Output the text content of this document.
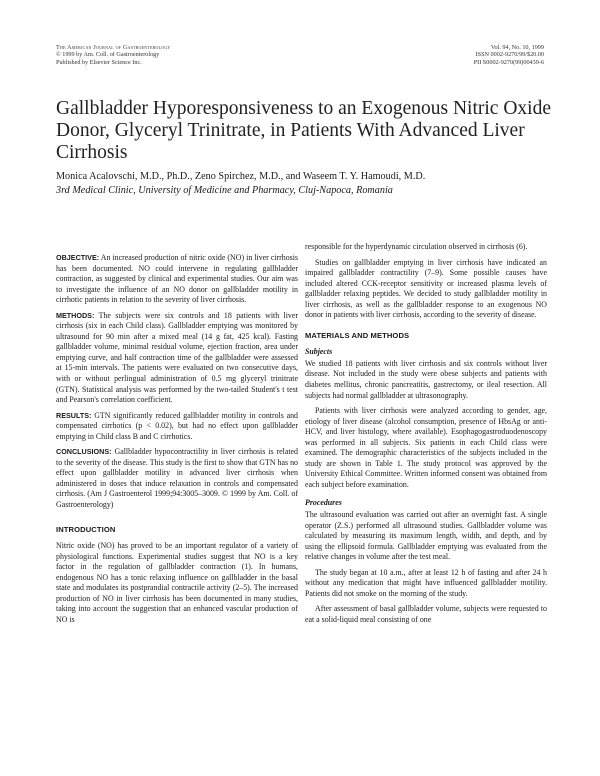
The American Journal of Gastroenterology
© 1999 by Am. Coll. of Gastroenterology
Published by Elsevier Science Inc.
Vol. 94, No. 10, 1999
ISSN 0002-9270/99/$20.00
PII S0002-9270(99)00439-6
Gallbladder Hyporesponsiveness to an Exogenous Nitric Oxide Donor, Glyceryl Trinitrate, in Patients With Advanced Liver Cirrhosis
Monica Acalovschi, M.D., Ph.D., Zeno Spirchez, M.D., and Waseem T. Y. Hamoudi, M.D.
3rd Medical Clinic, University of Medicine and Pharmacy, Cluj-Napoca, Romania

OBJECTIVE: An increased production of nitric oxide (NO) in liver cirrhosis has been documented. NO could intervene in regulating gallbladder contraction, as suggested by clinical and experimental studies. Our aim was to investigate the influence of an NO donor on gallbladder motility in cirrhotic patients in relation to the severity of liver cirrhosis.

METHODS: The subjects were six controls and 18 patients with liver cirrhosis (six in each Child class). Gallbladder emptying was monitored by ultrasound for 90 min after a mixed meal (14 g fat, 425 kcal). Fasting gallbladder volume, minimal residual volume, ejection fraction, area under emptying curve, and half contraction time of the gallbladder were assessed at 15-min intervals. The patients were evaluated on two consecutive days, with or without perlingual administration of 0.5 mg glyceryl trinitrate (GTN). Statistical analysis was performed by the two-tailed Student's t test and Pearson's correlation coefficient.

RESULTS: GTN significantly reduced gallbladder motility in controls and compensated cirrhotics (p < 0.02), but had no effect upon gallbladder emptying in Child class B and C cirrhotics.

CONCLUSIONS: Gallbladder hypocontractility in liver cirrhosis is related to the severity of the disease. This study is the first to show that GTN has no effect upon gallbladder motility in advanced liver cirrhosis when administered in doses that induce relaxation in controls and compensated cirrhosis. (Am J Gastroenterol 1999;94:3005–3009. © 1999 by Am. Coll. of Gastroenterology)

INTRODUCTION

Nitric oxide (NO) has proved to be an important regulator of a variety of physiological functions. Experimental studies suggest that NO is a key factor in the regulation of gallbladder contraction (1). In humans, endogenous NO has a tonic relaxing influence on gallbladder in the basal state and modulates its postprandial contractile activity (2–5). The increased production of NO in liver cirrhosis has been documented in many studies, taking into account the suggestion that an enhanced vascular production of NO is

responsible for the hyperdynamic circulation observed in cirrhosis (6).

Studies on gallbladder emptying in liver cirrhosis have indicated an impaired gallbladder contractility (7–9). Some possible causes have included altered CCK-receptor sensitivity or increased plasma levels of gallbladder relaxing peptides. We decided to study gallbladder motility in liver cirrhosis, as well as the gallbladder response to an exogenous NO donor in patients with liver cirrhosis, according to the severity of disease.

MATERIALS AND METHODS
Subjects

We studied 18 patients with liver cirrhosis and six controls without liver disease. Not included in the study were obese subjects and patients with diabetes mellitus, chronic pancreatitis, gastrectomy, or ileal resection. All subjects had normal gallbladder at ultrasonography.

Patients with liver cirrhosis were analyzed according to gender, age, etiology of liver disease (alcohol consumption, presence of HbsAg or anti-HCV, and liver histology, where available). Esophagogastroduodenoscopy was performed in all subjects. Six patients in each Child class were examined. The demographic characteristics of the subjects included in the study are shown in Table 1. The study protocol was approved by the University Ethical Committee. Written informed consent was obtained from each subject before examination.

Procedures

The ultrasound evaluation was carried out after an overnight fast. A single operator (Z.S.) performed all ultrasound studies. Gallbladder volume was calculated by measuring its maximum length, width, and depth, and by using the ellipsoid formula. Gallbladder emptying was evaluated from the relative changes in volume after the test meal.

The study began at 10 a.m., after at least 12 h of fasting and after 24 h without any medication that might have influenced gallbladder motility. Patients did not smoke on the morning of the study.

After assessment of basal gallbladder volume, subjects were requested to eat a solid-liquid meal consisting of one
